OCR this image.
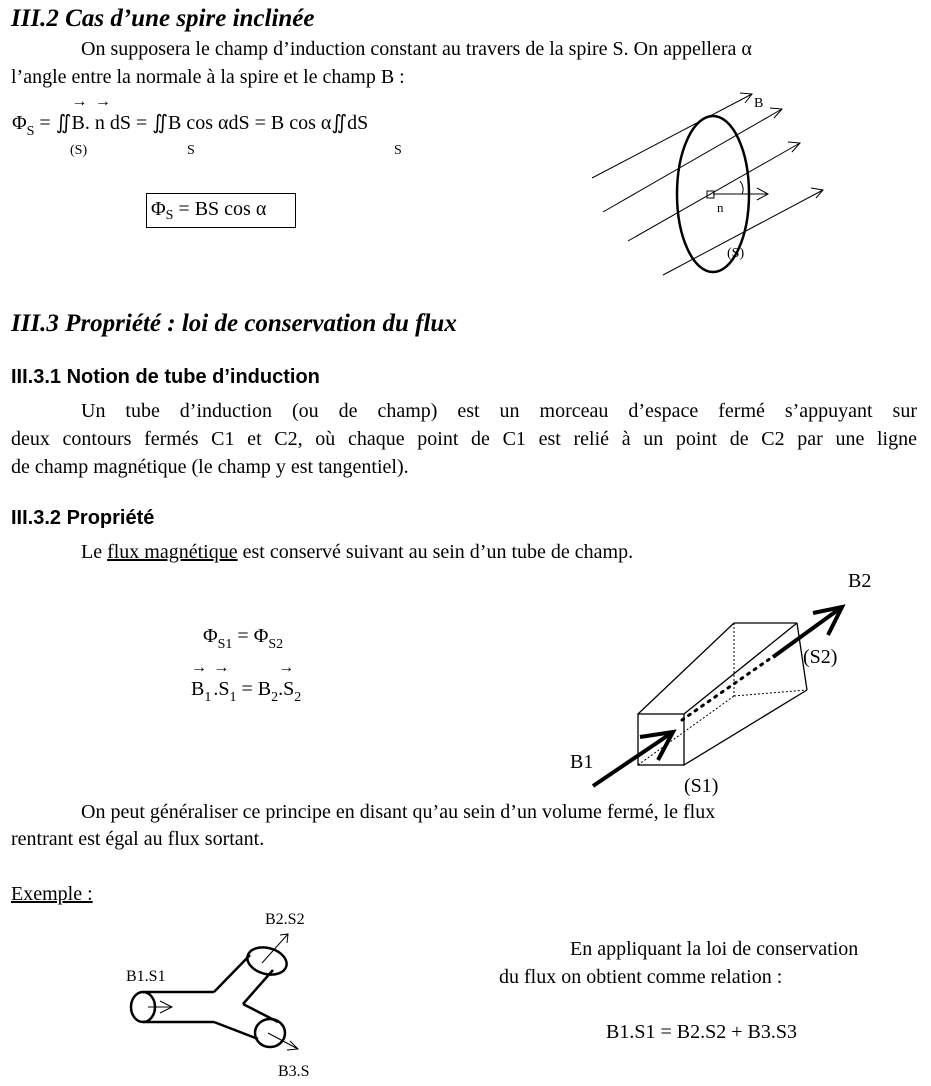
III.2 Cas d’une spire inclinée
On supposera le champ d’induction constant au travers de la spire S. On appellera α
l’angle entre la normale à la spire et le champ B :
$\Phi_S$ = ∬→ B. → n dS = ∬B cos αdS = B cos α∬dS
(S)	S	S
$\Phi_S$ = BS cos α
B
n
(S)
III.3 Propriété : loi de conservation du flux
III.3.1 Notion de tube d’induction
Un tube d’induction (ou de champ) est un morceau d’espace fermé s’appuyant sur
deux contours fermés C1 et C2, où chaque point de C1 est relié à un point de C2 par une ligne
de champ magnétique (le champ y est tangentiel).
III.3.2 Propriété
Le flux magnétique est conservé suivant au sein d’un tube de champ.
$\Phi_{S1} = \Phi_{S2}$
→ $B_1 \to .S_1 = B_2\to .S_2$
B2
(S2)
B1
(S1)
On peut généraliser ce principe en disant qu’au sein d’un volume fermé, le flux
rentrant est égal au flux sortant.
Exemple :
B2.S2
B1.S1
B3.S
En appliquant la loi de conservation
du flux on obtient comme relation :
B1.S1 = B2.S2 + B3.S3
